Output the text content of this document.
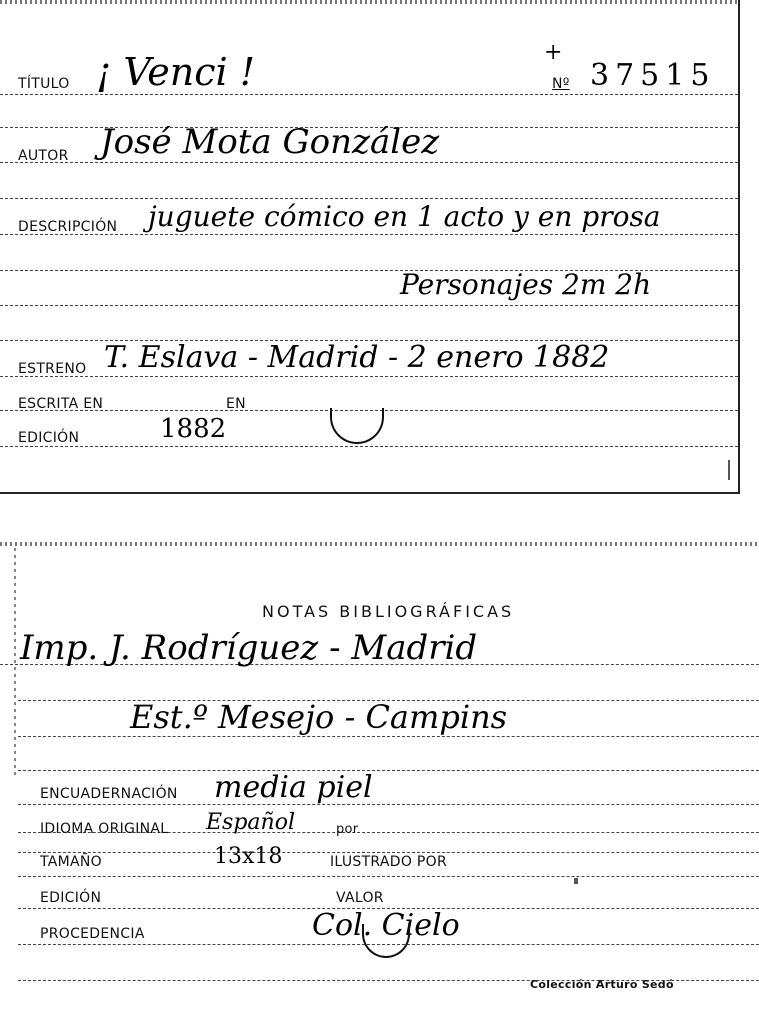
TÍTULO ¡ Venci !	+
Nº 37515
AUTOR José Mota González
DESCRIPCIÓN juguete cómico en 1 acto y en prosa
Personajes 2m 2h
ESTRENO T. Eslava - Madrid - 2 enero 1882
ESCRITA EN	EN
EDICIÓN	1882
NOTAS BIBLIOGRÁFICAS
Imp. J. Rodríguez - Madrid
Est.º Mesejo - Campins
ENCUADERNACIÓN media piel
IDIOMA ORIGINAL Español	por
TAMAÑO	13x18	ILUSTRADO POR
EDICIÓN	VALOR
PROCEDENCIA	Col. Cielo
Colección Arturo Sedó
